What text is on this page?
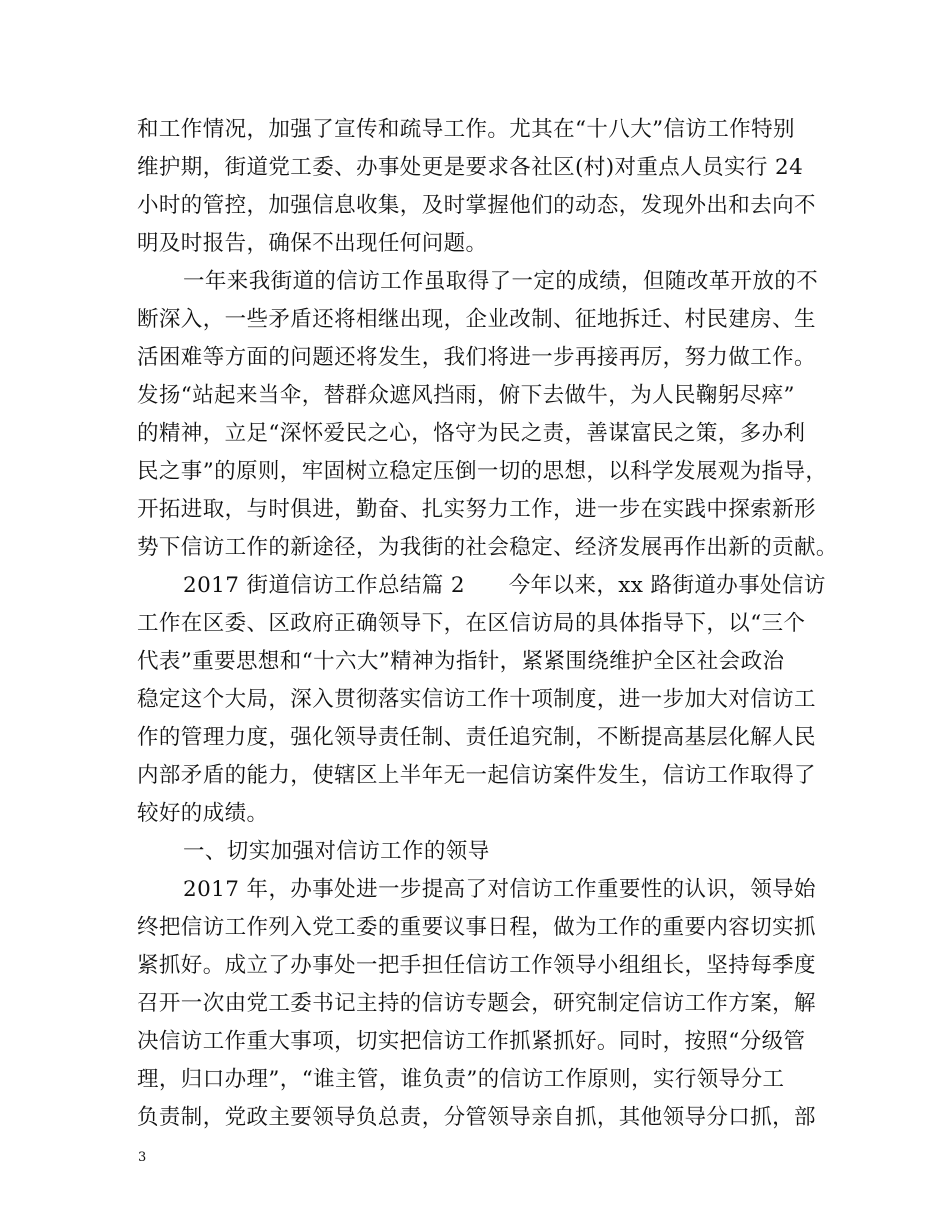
和工作情况，加强了宣传和疏导工作。尤其在“十八大”信访工作特别
维护期，街道党工委、办事处更是要求各社区(村)对重点人员实行 24
小时的管控，加强信息收集，及时掌握他们的动态，发现外出和去向不
明及时报告，确保不出现任何问题。
一年来我街道的信访工作虽取得了一定的成绩，但随改革开放的不
断深入，一些矛盾还将相继出现，企业改制、征地拆迁、村民建房、生
活困难等方面的问题还将发生，我们将进一步再接再厉，努力做工作。
发扬“站起来当伞，替群众遮风挡雨，俯下去做牛，为人民鞠躬尽瘁”
的精神，立足“深怀爱民之心，恪守为民之责，善谋富民之策，多办利
民之事”的原则，牢固树立稳定压倒一切的思想，以科学发展观为指导，
开拓进取，与时俱进，勤奋、扎实努力工作，进一步在实践中探索新形
势下信访工作的新途径，为我街的社会稳定、经济发展再作出新的贡献。
2017 街道信访工作总结篇 2　　今年以来，xx 路街道办事处信访
工作在区委、区政府正确领导下，在区信访局的具体指导下，以“三个
代表”重要思想和“十六大”精神为指针，紧紧围绕维护全区社会政治
稳定这个大局，深入贯彻落实信访工作十项制度，进一步加大对信访工
作的管理力度，强化领导责任制、责任追究制，不断提高基层化解人民
内部矛盾的能力，使辖区上半年无一起信访案件发生，信访工作取得了
较好的成绩。
一、切实加强对信访工作的领导
2017 年，办事处进一步提高了对信访工作重要性的认识，领导始
终把信访工作列入党工委的重要议事日程，做为工作的重要内容切实抓
紧抓好。成立了办事处一把手担任信访工作领导小组组长，坚持每季度
召开一次由党工委书记主持的信访专题会，研究制定信访工作方案，解
决信访工作重大事项，切实把信访工作抓紧抓好。同时，按照“分级管
理，归口办理”，“谁主管，谁负责”的信访工作原则，实行领导分工
负责制，党政主要领导负总责，分管领导亲自抓，其他领导分口抓，部
3
